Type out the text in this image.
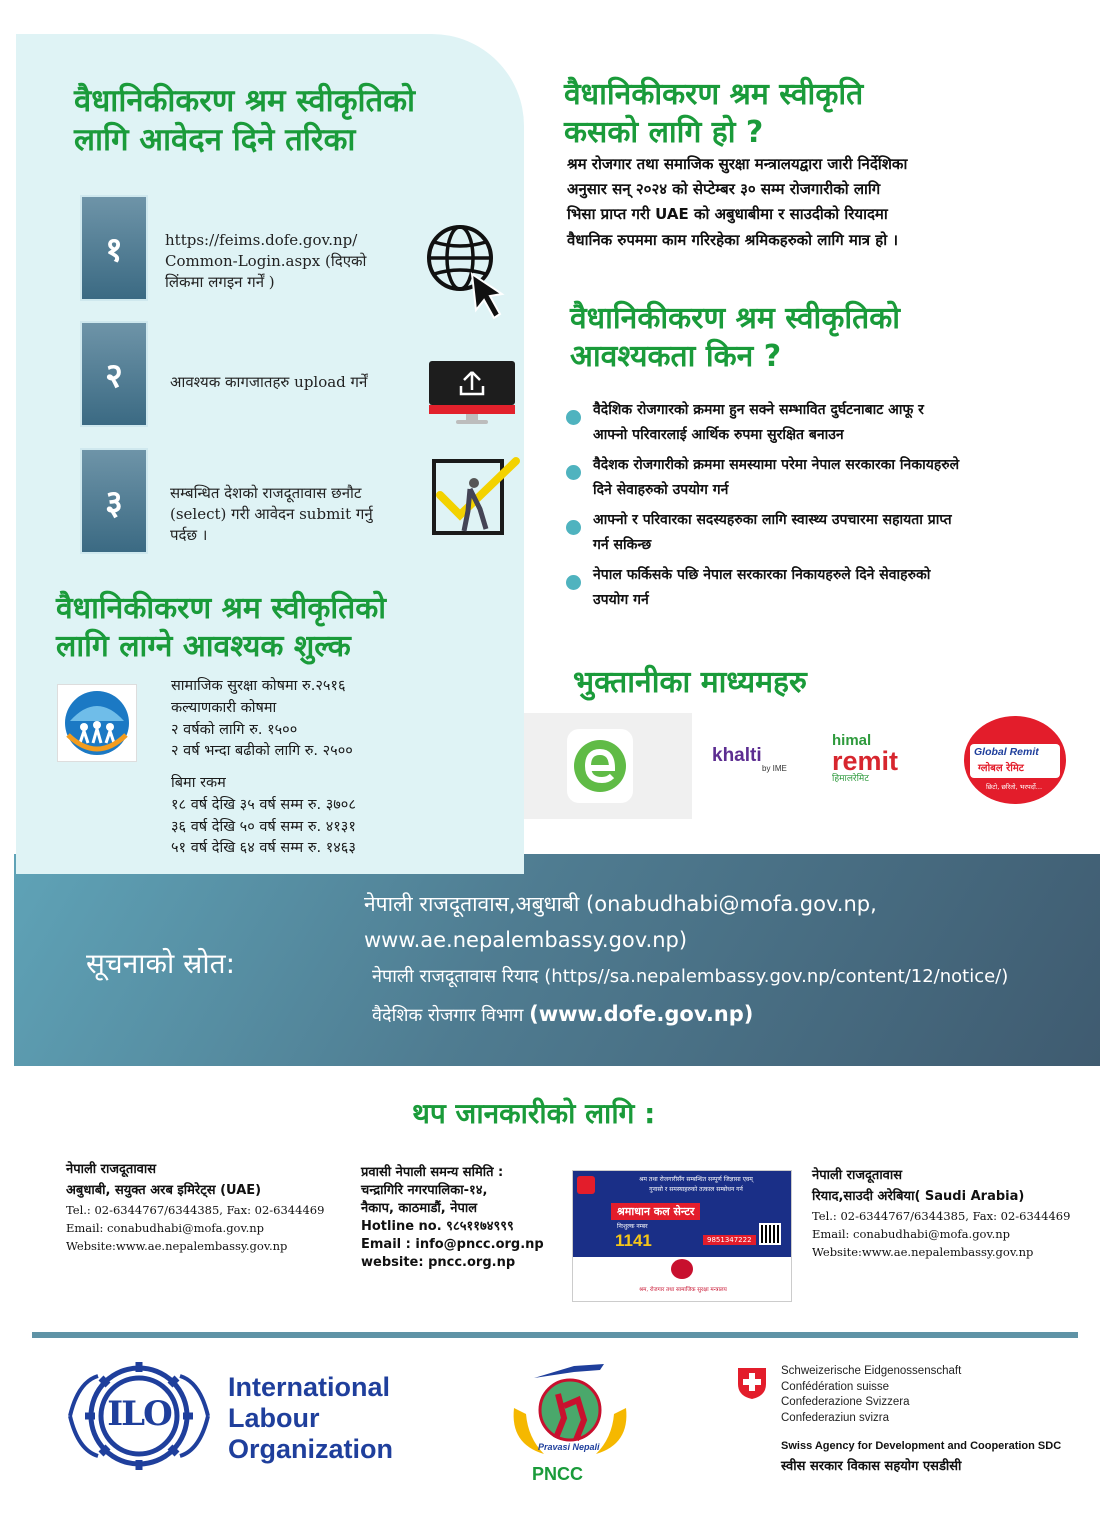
वैधानिकीकरण श्रम स्वीकृतिको
लागि आवेदन दिने तरिका
१	https://feims.dofe.gov.np/
Common-Login.aspx (दिएको
लिंकमा लगइन गर्नें )
२	आवश्यक कागजातहरु upload गर्नें
३	सम्बन्धित देशको राजदूतावास छनौट
(select) गरी आवेदन submit गर्नु
पर्दछ ।
वैधानिकीकरण श्रम स्वीकृतिको
लागि लाग्ने आवश्यक शुल्क
सामाजिक सुरक्षा कोषमा रु.२५१६
कल्याणकारी कोषमा
२ वर्षको लागि रु. १५००
२ वर्ष भन्दा बढीको लागि रु. २५००
बिमा रकम
१८ वर्ष देखि ३५ वर्ष सम्म रु. ३७०८
३६ वर्ष देखि ५० वर्ष सम्म रु. ४१३१
५१ वर्ष देखि ६४ वर्ष सम्म रु. १४६३
वैधानिकीकरण श्रम स्वीकृति
कसको लागि हो ?
श्रम रोजगार तथा समाजिक सुरक्षा मन्त्रालयद्वारा जारी निर्देशिका
अनुसार सन् २०२४ को सेप्टेम्बर ३० सम्म रोजगारीको लागि
भिसा प्राप्त गरी UAE को अबुधाबीमा र साउदीको रियादमा
वैधानिक रुपममा काम गरिरहेका श्रमिकहरुको लागि मात्र हो ।
वैधानिकीकरण श्रम स्वीकृतिको
आवश्यकता किन ?
वैदेशिक रोजगारको क्रममा हुन सक्ने सम्भावित दुर्घटनाबाट आफू र
आफ्नो परिवारलाई आर्थिक रुपमा सुरक्षित बनाउन
वैदेशक रोजगारीको क्रममा समस्यामा परेमा नेपाल सरकारका निकायहरुले
दिने सेवाहरुको उपयोग गर्न
आफ्नो र परिवारका सदस्यहरुका लागि स्वास्थ्य उपचारमा सहायता प्राप्त
गर्न सकिन्छ
नेपाल फर्किसके पछि नेपाल सरकारका निकायहरुले दिने सेवाहरुको
उपयोग गर्न
भुक्तानीका माध्यमहरु
khalti
by IME
himal
remit
हिमालरेमिट
Global Remit
ग्लोबल रेमिट
छिटो, छरितो, भरपर्दो...
सूचनाको स्रोत:
नेपाली राजदूतावास,अबुधाबी (onabudhabi@mofa.gov.np,
www.ae.nepalembassy.gov.np)
नेपाली राजदूतावास रियाद (https//sa.nepalembassy.gov.np/content/12/notice/)
वैदेशिक रोजगार विभाग (www.dofe.gov.np)
थप जानकारीको लागि :
नेपाली राजदूतावास
अबुधाबी, सयुक्त अरब इमिरेट्स (UAE)
Tel.: 02-6344767/6344385, Fax: 02-6344469
Email: conabudhabi@mofa.gov.np
Website:www.ae.nepalembassy.gov.np
प्रवासी नेपाली समन्य समिति :
चन्द्रागिरि नगरपालिका-१४,
नैकाप, काठमाडौं, नेपाल
Hotline no. ९८५११७४९९९
Email : info@pncc.org.np
website: pncc.org.np
श्रम तथा रोजगारीसँग सम्बन्धित सम्पूर्ण जिज्ञासा एवम्
गुनासो र समस्याहरुको तत्काल सम्बोधन गर्न
श्रमाधान कल सेन्टर
निःशुल्क नम्बर
1141	9851347222
श्रम, रोजगार तथा सामाजिक सुरक्षा मन्त्रालय
नेपाली राजदूतावास
रियाद,साउदी अरेबिया( Saudi Arabia)
Tel.: 02-6344767/6344385, Fax: 02-6344469
Email: conabudhabi@mofa.gov.np
Website:www.ae.nepalembassy.gov.np
ILO
International
Labour
Organization	Pravasi Nepali
PNCC
Schweizerische Eidgenossenschaft
Confédération suisse
Confederazione Svizzera
Confederaziun svizra
Swiss Agency for Development and Cooperation SDC
स्वीस सरकार विकास सहयोग एसडीसी
